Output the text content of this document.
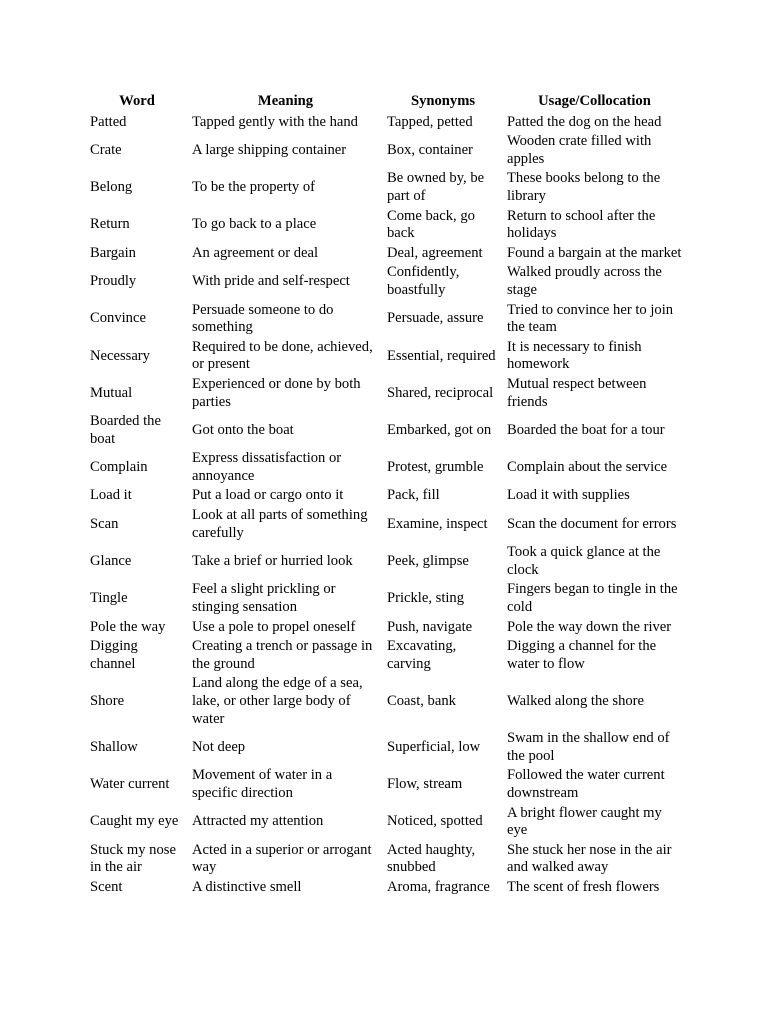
Word	Meaning	Synonyms	Usage/Collocation
Patted	Tapped gently with the hand	Tapped, petted	Patted the dog on the head
Crate	A large shipping container	Box, container	Wooden crate filled with apples
Belong	To be the property of	Be owned by, be part of	These books belong to the library
Return	To go back to a place	Come back, go back	Return to school after the holidays
Bargain	An agreement or deal	Deal, agreement	Found a bargain at the market
Proudly	With pride and self-respect	Confidently, boastfully	Walked proudly across the stage
Convince	Persuade someone to do something	Persuade, assure	Tried to convince her to join the team
Necessary	Required to be done, achieved, or present	Essential, required	It is necessary to finish homework
Mutual	Experienced or done by both parties	Shared, reciprocal	Mutual respect between friends
Boarded the boat	Got onto the boat	Embarked, got on	Boarded the boat for a tour
Complain	Express dissatisfaction or annoyance	Protest, grumble	Complain about the service
Load it	Put a load or cargo onto it	Pack, fill	Load it with supplies
Scan	Look at all parts of something carefully	Examine, inspect	Scan the document for errors
Glance	Take a brief or hurried look	Peek, glimpse	Took a quick glance at the clock
Tingle	Feel a slight prickling or stinging sensation	Prickle, sting	Fingers began to tingle in the cold
Pole the way	Use a pole to propel oneself	Push, navigate	Pole the way down the river
Digging channel	Creating a trench or passage in the ground	Excavating, carving	Digging a channel for the water to flow
Shore	Land along the edge of a sea, lake, or other large body of water	Coast, bank	Walked along the shore
Shallow	Not deep	Superficial, low	Swam in the shallow end of the pool
Water current	Movement of water in a specific direction	Flow, stream	Followed the water current downstream
Caught my eye	Attracted my attention	Noticed, spotted	A bright flower caught my eye
Stuck my nose in the air	Acted in a superior or arrogant way	Acted haughty, snubbed	She stuck her nose in the air and walked away
Scent	A distinctive smell	Aroma, fragrance	The scent of fresh flowers
